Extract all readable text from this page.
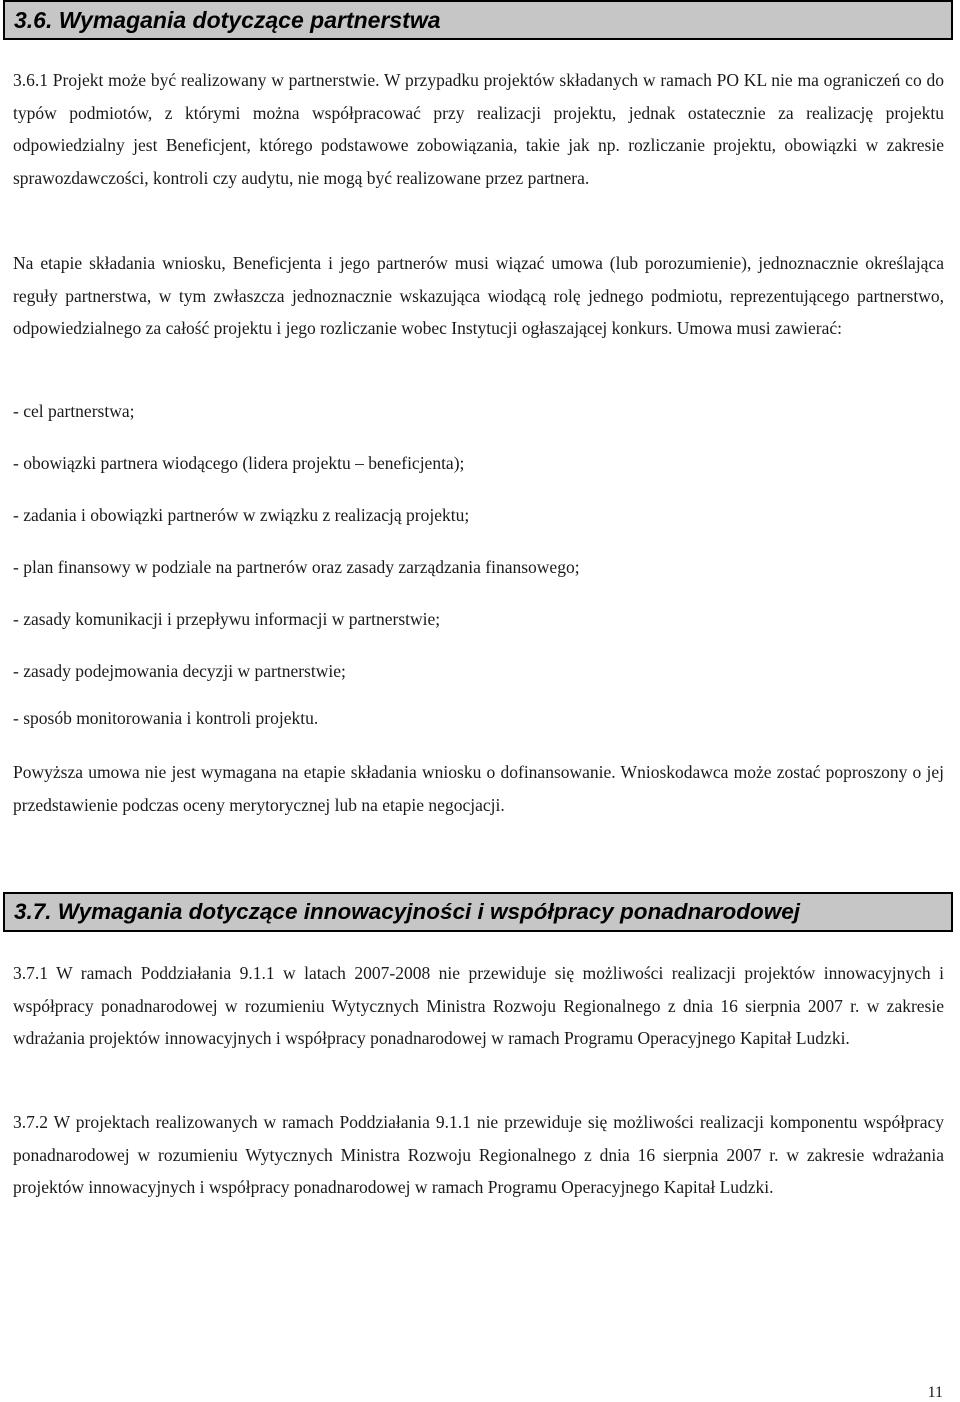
3.6. Wymagania dotyczące partnerstwa

3.6.1 Projekt może być realizowany w partnerstwie. W przypadku projektów składanych w ramach PO KL nie ma ograniczeń co do typów podmiotów, z którymi można współpracować przy realizacji projektu, jednak ostatecznie za realizację projektu odpowiedzialny jest Beneficjent, którego podstawowe zobowiązania, takie jak np. rozliczanie projektu, obowiązki w zakresie sprawozdawczości, kontroli czy audytu, nie mogą być realizowane przez partnera.

Na etapie składania wniosku, Beneficjenta i jego partnerów musi wiązać umowa (lub porozumienie), jednoznacznie określająca reguły partnerstwa, w tym zwłaszcza jednoznacznie wskazująca wiodącą rolę jednego podmiotu, reprezentującego partnerstwo, odpowiedzialnego za całość projektu i jego rozliczanie wobec Instytucji ogłaszającej konkurs. Umowa musi zawierać:

- cel partnerstwa;

- obowiązki partnera wiodącego (lidera projektu – beneficjenta);

- zadania i obowiązki partnerów w związku z realizacją projektu;

- plan finansowy w podziale na partnerów oraz zasady zarządzania finansowego;

- zasady komunikacji i przepływu informacji w partnerstwie;

- zasady podejmowania decyzji w partnerstwie;

- sposób monitorowania i kontroli projektu.

Powyższa umowa nie jest wymagana na etapie składania wniosku o dofinansowanie. Wnioskodawca może zostać poproszony o jej przedstawienie podczas oceny merytorycznej lub na etapie negocjacji.

3.7. Wymagania dotyczące innowacyjności i współpracy ponadnarodowej

3.7.1 W ramach Poddziałania 9.1.1 w latach 2007-2008 nie przewiduje się możliwości realizacji projektów innowacyjnych i współpracy ponadnarodowej w rozumieniu Wytycznych Ministra Rozwoju Regionalnego z dnia 16 sierpnia 2007 r. w zakresie wdrażania projektów innowacyjnych i współpracy ponadnarodowej w ramach Programu Operacyjnego Kapitał Ludzki.

3.7.2 W projektach realizowanych w ramach Poddziałania 9.1.1 nie przewiduje się możliwości realizacji komponentu współpracy ponadnarodowej w rozumieniu Wytycznych Ministra Rozwoju Regionalnego z dnia 16 sierpnia 2007 r. w zakresie wdrażania projektów innowacyjnych i współpracy ponadnarodowej w ramach Programu Operacyjnego Kapitał Ludzki.

11
